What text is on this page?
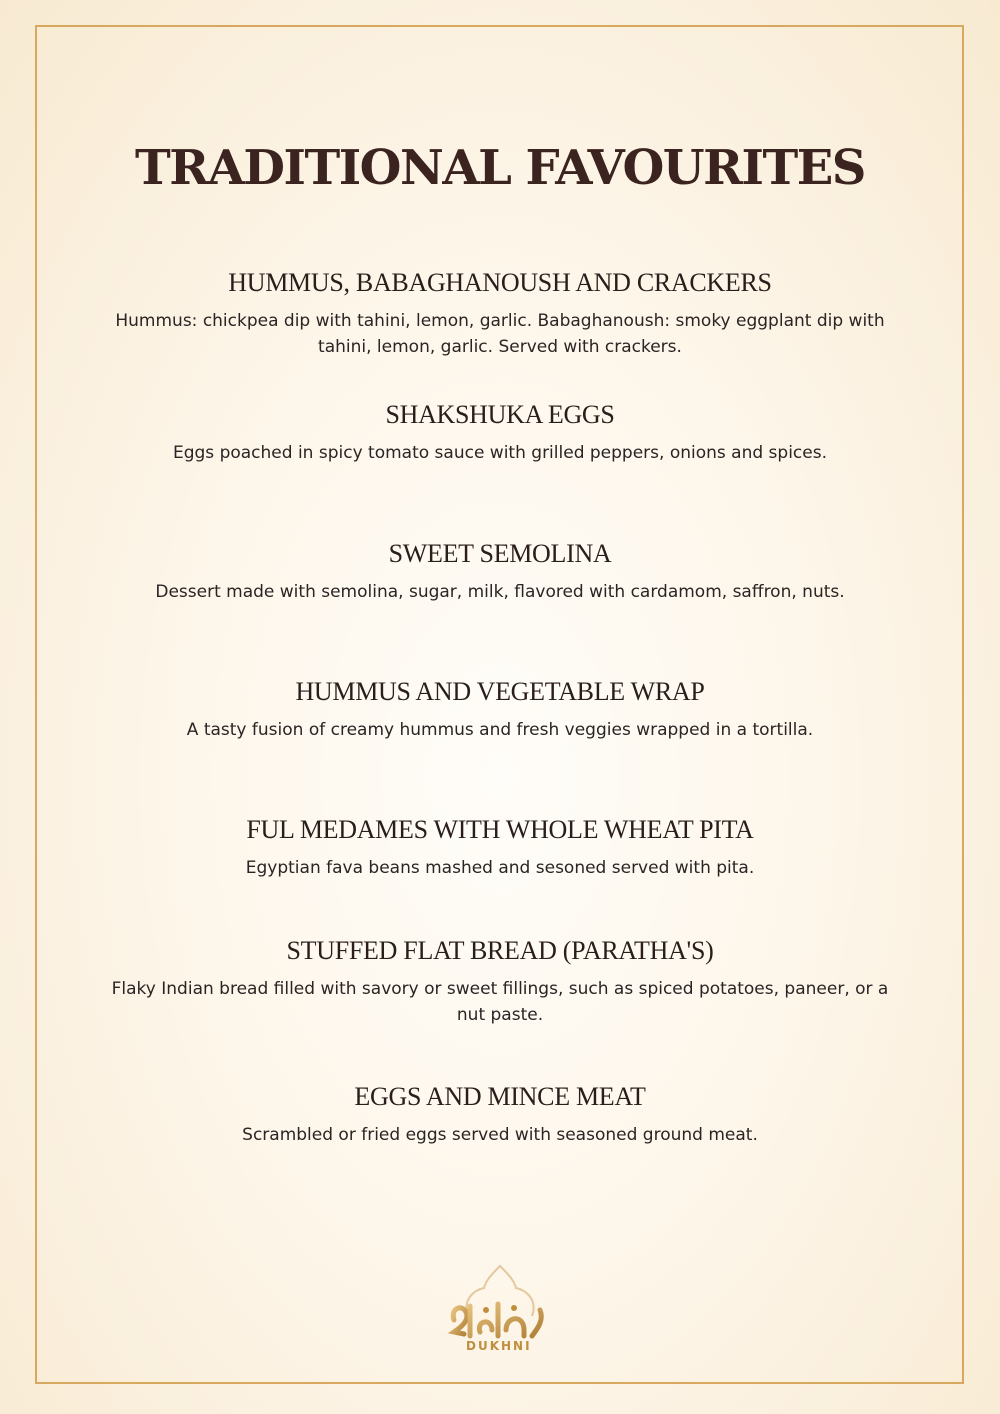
TRADITIONAL FAVOURITES
HUMMUS, BABAGHANOUSH AND CRACKERS

Hummus: chickpea dip with tahini, lemon, garlic. Babaghanoush: smoky eggplant dip with tahini, lemon, garlic. Served with crackers.

SHAKSHUKA EGGS

Eggs poached in spicy tomato sauce with grilled peppers, onions and spices.

SWEET SEMOLINA

Dessert made with semolina, sugar, milk, flavored with cardamom, saffron, nuts.

HUMMUS AND VEGETABLE WRAP

A tasty fusion of creamy hummus and fresh veggies wrapped in a tortilla.

FUL MEDAMES WITH WHOLE WHEAT PITA

Egyptian fava beans mashed and sesoned served with pita.

STUFFED FLAT BREAD (PARATHA'S)

Flaky Indian bread filled with savory or sweet fillings, such as spiced potatoes, paneer, or a nut paste.

EGGS AND MINCE MEAT

Scrambled or fried eggs served with seasoned ground meat.

DUKHNI
